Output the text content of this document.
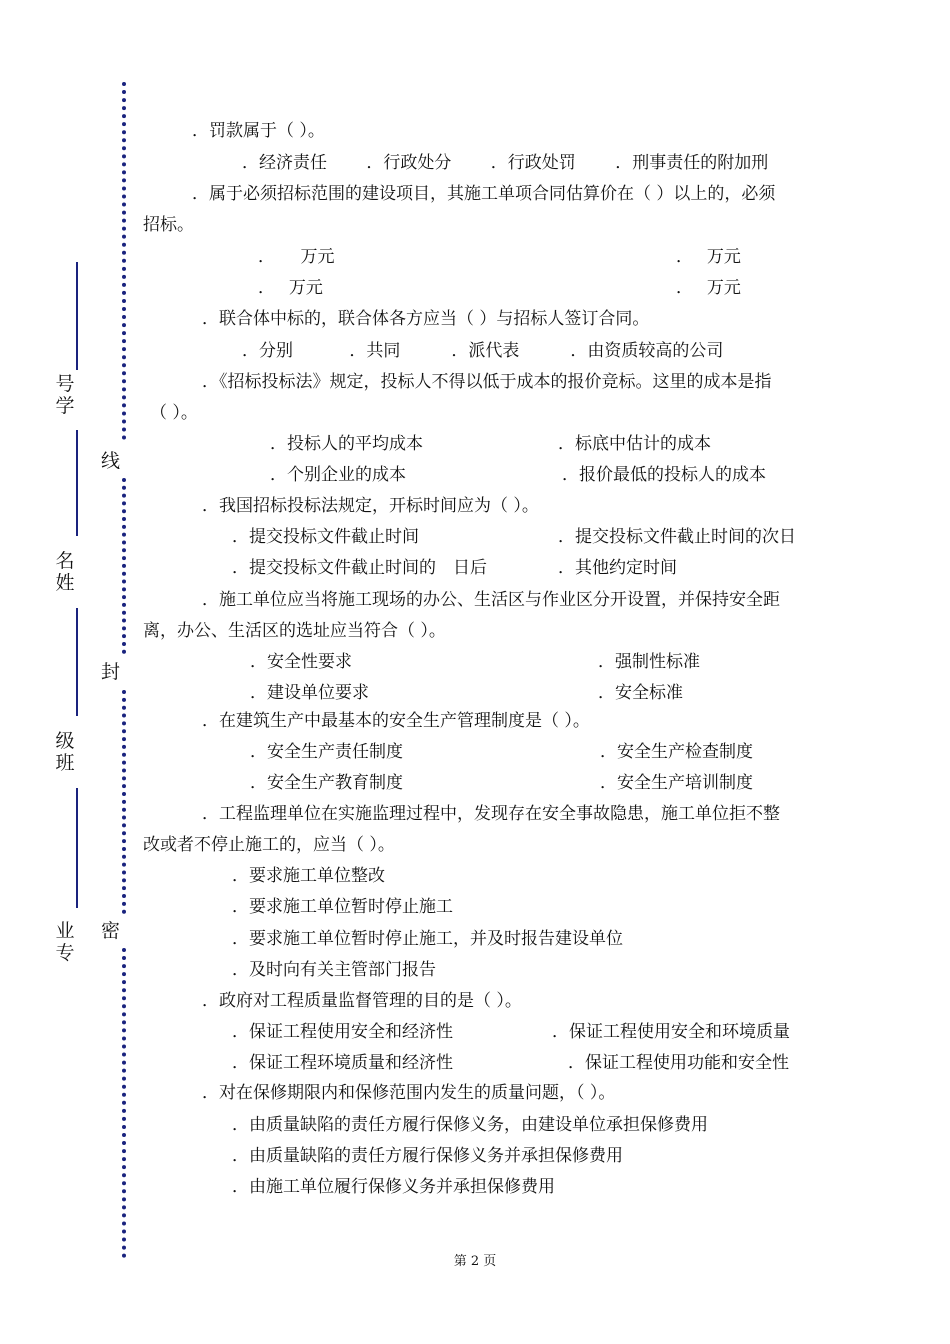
号
学
名
姓
级
班
业
专
线
封
密
．罚款属于（ ）。
．经济责任　　 ．行政处分　　 ．行政处罚　　 ．刑事责任的附加刑
．属于必须招标范围的建设项目，其施工单项合同估算价在（ ）以上的，必须
招标。
．　　万元	．　 万元
．　 万元	．　 万元
．联合体中标的，联合体各方应当（ ）与招标人签订合同。
．分别　　　 ．共同　　　．派代表　　　．由资质较高的公司
．《招标投标法》规定，投标人不得以低于成本的报价竞标。这里的成本是指
（ ）。
．投标人的平均成本	．标底中估计的成本
．个别企业的成本	．报价最低的投标人的成本
．我国招标投标法规定，开标时间应为（ ）。
．提交投标文件截止时间	．提交投标文件截止时间的次日
．提交投标文件截止时间的　日后	．其他约定时间
．施工单位应当将施工现场的办公、生活区与作业区分开设置，并保持安全距
离，办公、生活区的选址应当符合（ ）。
．安全性要求	．强制性标准
．建设单位要求	．安全标准
．在建筑生产中最基本的安全生产管理制度是（ ）。
．安全生产责任制度	．安全生产检查制度
．安全生产教育制度	．安全生产培训制度
．工程监理单位在实施监理过程中，发现存在安全事故隐患，施工单位拒不整
改或者不停止施工的，应当（ ）。
．要求施工单位整改
．要求施工单位暂时停止施工
．要求施工单位暂时停止施工，并及时报告建设单位
．及时向有关主管部门报告
．政府对工程质量监督管理的目的是（ ）。
．保证工程使用安全和经济性	．保证工程使用安全和环境质量
．保证工程环境质量和经济性	．保证工程使用功能和安全性
．对在保修期限内和保修范围内发生的质量问题，（ ）。
．由质量缺陷的责任方履行保修义务，由建设单位承担保修费用
．由质量缺陷的责任方履行保修义务并承担保修费用
．由施工单位履行保修义务并承担保修费用
第 2 页
